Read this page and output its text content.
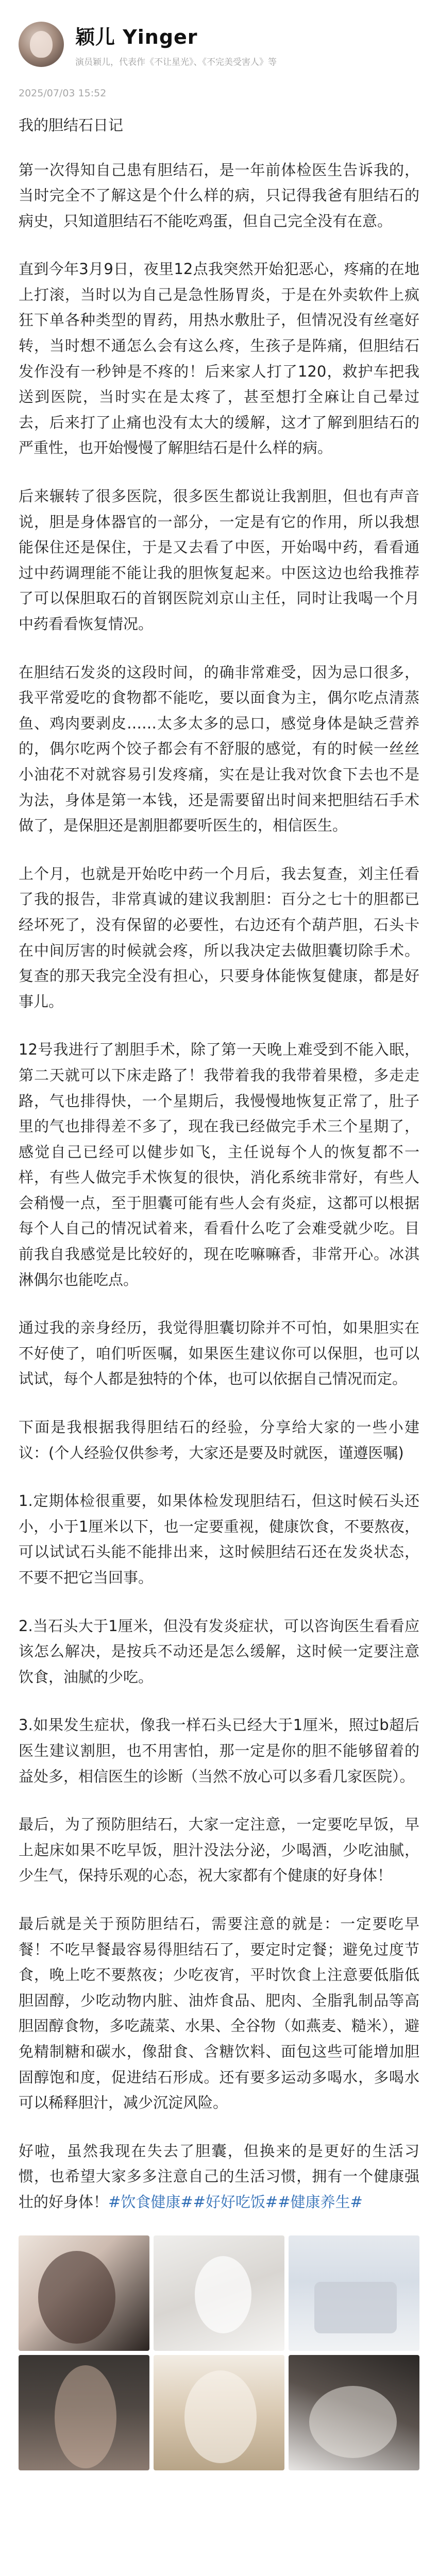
颖儿 Yinger
演员颖儿，代表作《不让星光》、《不完美受害人》等
2025/07/03 15:52
我的胆结石日记
第一次得知自己患有胆结石，是一年前体检医生告诉我的，当时完全不了解这是个什么样的病，只记得我爸有胆结石的病史，只知道胆结石不能吃鸡蛋，但自己完全没有在意。
直到今年3月9日，夜里12点我突然开始犯恶心，疼痛的在地上打滚，当时以为自己是急性肠胃炎，于是在外卖软件上疯狂下单各种类型的胃药，用热水敷肚子，但情况没有丝毫好转，当时想不通怎么会有这么疼，生孩子是阵痛，但胆结石发作没有一秒钟是不疼的！后来家人打了120，救护车把我送到医院，当时实在是太疼了，甚至想打全麻让自己晕过去，后来打了止痛也没有太大的缓解，这才了解到胆结石的严重性，也开始慢慢了解胆结石是什么样的病。
后来辗转了很多医院，很多医生都说让我割胆，但也有声音说，胆是身体器官的一部分，一定是有它的作用，所以我想能保住还是保住，于是又去看了中医，开始喝中药，看看通过中药调理能不能让我的胆恢复起来。中医这边也给我推荐了可以保胆取石的首钢医院刘京山主任，同时让我喝一个月中药看看恢复情况。
在胆结石发炎的这段时间，的确非常难受，因为忌口很多，我平常爱吃的食物都不能吃，要以面食为主，偶尔吃点清蒸鱼、鸡肉要剥皮……太多太多的忌口，感觉身体是缺乏营养的，偶尔吃两个饺子都会有不舒服的感觉，有的时候一丝丝小油花不对就容易引发疼痛，实在是让我对饮食下去也不是为法，身体是第一本钱，还是需要留出时间来把胆结石手术做了，是保胆还是割胆都要听医生的，相信医生。
上个月，也就是开始吃中药一个月后，我去复查，刘主任看了我的报告，非常真诚的建议我割胆：百分之七十的胆都已经坏死了，没有保留的必要性，右边还有个葫芦胆，石头卡在中间厉害的时候就会疼，所以我决定去做胆囊切除手术。复查的那天我完全没有担心，只要身体能恢复健康，都是好事儿。
12号我进行了割胆手术，除了第一天晚上难受到不能入眠，第二天就可以下床走路了！我带着我的我带着果橙，多走走路，气也排得快，一个星期后，我慢慢地恢复正常了，肚子里的气也排得差不多了，现在我已经做完手术三个星期了，感觉自己已经可以健步如飞，主任说每个人的恢复都不一样，有些人做完手术恢复的很快，消化系统非常好，有些人会稍慢一点，至于胆囊可能有些人会有炎症，这都可以根据每个人自己的情况试着来，看看什么吃了会难受就少吃。目前我自我感觉是比较好的，现在吃嘛嘛香，非常开心。冰淇淋偶尔也能吃点。
通过我的亲身经历，我觉得胆囊切除并不可怕，如果胆实在不好使了，咱们听医嘱，如果医生建议你可以保胆，也可以试试，每个人都是独特的个体，也可以依据自己情况而定。
下面是我根据我得胆结石的经验，分享给大家的一些小建议：(个人经验仅供参考，大家还是要及时就医，谨遵医嘱)
1.定期体检很重要，如果体检发现胆结石，但这时候石头还小，小于1厘米以下，也一定要重视，健康饮食，不要熬夜，可以试试石头能不能排出来，这时候胆结石还在发炎状态，不要不把它当回事。
2.当石头大于1厘米，但没有发炎症状，可以咨询医生看看应该怎么解决，是按兵不动还是怎么缓解，这时候一定要注意饮食，油腻的少吃。
3.如果发生症状，像我一样石头已经大于1厘米，照过b超后医生建议割胆，也不用害怕，那一定是你的胆不能够留着的益处多，相信医生的诊断（当然不放心可以多看几家医院）。
最后，为了预防胆结石，大家一定注意，一定要吃早饭，早上起床如果不吃早饭，胆汁没法分泌，少喝酒，少吃油腻，少生气，保持乐观的心态，祝大家都有个健康的好身体！
最后就是关于预防胆结石，需要注意的就是：一定要吃早餐！不吃早餐最容易得胆结石了，要定时定餐；避免过度节食，晚上吃不要熬夜；少吃夜宵，平时饮食上注意要低脂低胆固醇，少吃动物内脏、油炸食品、肥肉、全脂乳制品等高胆固醇食物，多吃蔬菜、水果、全谷物（如燕麦、糙米），避免精制糖和碳水，像甜食、含糖饮料、面包这些可能增加胆固醇饱和度，促进结石形成。还有要多运动多喝水，多喝水可以稀释胆汁，减少沉淀风险。
好啦，虽然我现在失去了胆囊，但换来的是更好的生活习惯，也希望大家多多注意自己的生活习惯，拥有一个健康强壮的好身体！#饮食健康##好好吃饭##健康养生#
